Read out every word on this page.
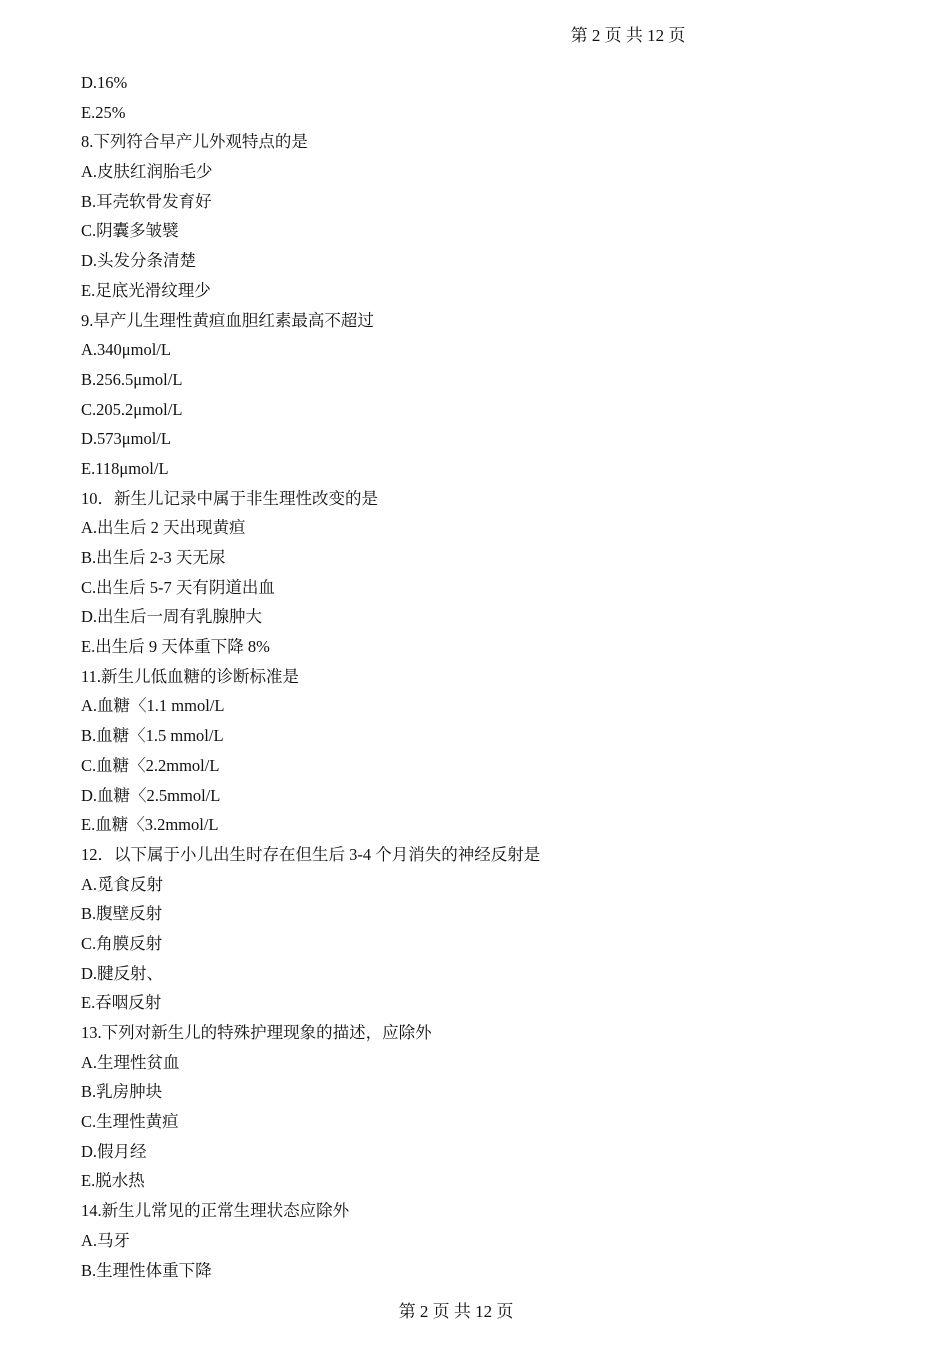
第 2 页 共 12 页
D.16%
E.25%
8.下列符合早产儿外观特点的是
A.皮肤红润胎毛少
B.耳壳软骨发育好
C.阴囊多皱襞
D.头发分条清楚
E.足底光滑纹理少
9.早产儿生理性黄疸血胆红素最高不超过
A.340μmol/L
B.256.5μmol/L
C.205.2μmol/L
D.573μmol/L
E.118μmol/L
10．新生儿记录中属于非生理性改变的是
A.出生后 2 天出现黄疸
B.出生后 2-3 天无尿
C.出生后 5-7 天有阴道出血
D.出生后一周有乳腺肿大
E.出生后 9 天体重下降 8%
11.新生儿低血糖的诊断标准是
A.血糖〈1.1 mmol/L
B.血糖〈1.5 mmol/L
C.血糖〈2.2mmol/L
D.血糖〈2.5mmol/L
E.血糖〈3.2mmol/L
12．以下属于小儿出生时存在但生后 3-4 个月消失的神经反射是
A.觅食反射
B.腹壁反射
C.角膜反射
D.腱反射、
E.吞咽反射
13.下列对新生儿的特殊护理现象的描述，应除外
A.生理性贫血
B.乳房肿块
C.生理性黄疸
D.假月经
E.脱水热
14.新生儿常见的正常生理状态应除外
A.马牙
B.生理性体重下降
第 2 页 共 12 页
